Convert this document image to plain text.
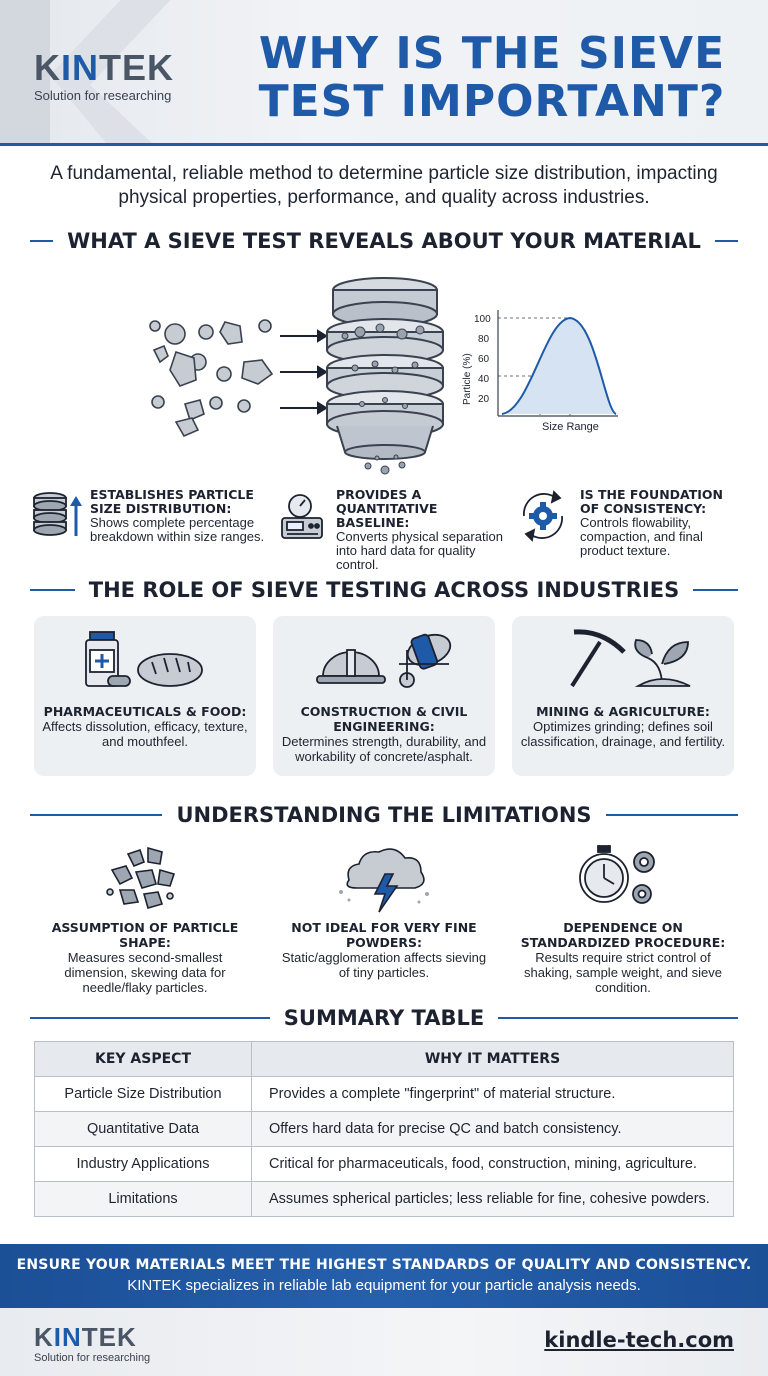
KINTEK
Solution for researching
WHY IS THE SIEVE TEST IMPORTANT?
A fundamental, reliable method to determine particle size distribution, impacting physical properties, performance, and quality across industries.
WHAT A SIEVE TEST REVEALS ABOUT YOUR MATERIAL
Particle (%)
100
80
60
40
20
Size Range
ESTABLISHES PARTICLE
SIZE DISTRIBUTION:
Shows complete percentage breakdown within size ranges.
PROVIDES A
QUANTITATIVE BASELINE:
Converts physical separation into hard data for quality control.
IS THE FOUNDATION
OF CONSISTENCY:
Controls flowability, compaction, and final product texture.
THE ROLE OF SIEVE TESTING ACROSS INDUSTRIES
PHARMACEUTICALS & FOOD:
Affects dissolution, efficacy, texture, and mouthfeel.
CONSTRUCTION & CIVIL ENGINEERING:
Determines strength, durability, and workability of concrete/asphalt.
MINING & AGRICULTURE:
Optimizes grinding; defines soil classification, drainage, and fertility.
UNDERSTANDING THE LIMITATIONS
ASSUMPTION OF PARTICLE SHAPE:
Measures second-smallest dimension, skewing data for needle/flaky particles.
NOT IDEAL FOR VERY FINE POWDERS:
Static/agglomeration affects sieving of tiny particles.
DEPENDENCE ON STANDARDIZED PROCEDURE:
Results require strict control of shaking, sample weight, and sieve condition.
SUMMARY TABLE
KEY ASPECT	WHY IT MATTERS
Particle Size Distribution	Provides a complete "fingerprint" of material structure.
Quantitative Data	Offers hard data for precise QC and batch consistency.
Industry Applications	Critical for pharmaceuticals, food, construction, mining, agriculture.
Limitations	Assumes spherical particles; less reliable for fine, cohesive powders.
ENSURE YOUR MATERIALS MEET THE HIGHEST STANDARDS OF QUALITY AND CONSISTENCY.
KINTEK specializes in reliable lab equipment for your particle analysis needs.
KINTEK
Solution for researching
kindle-tech.com
